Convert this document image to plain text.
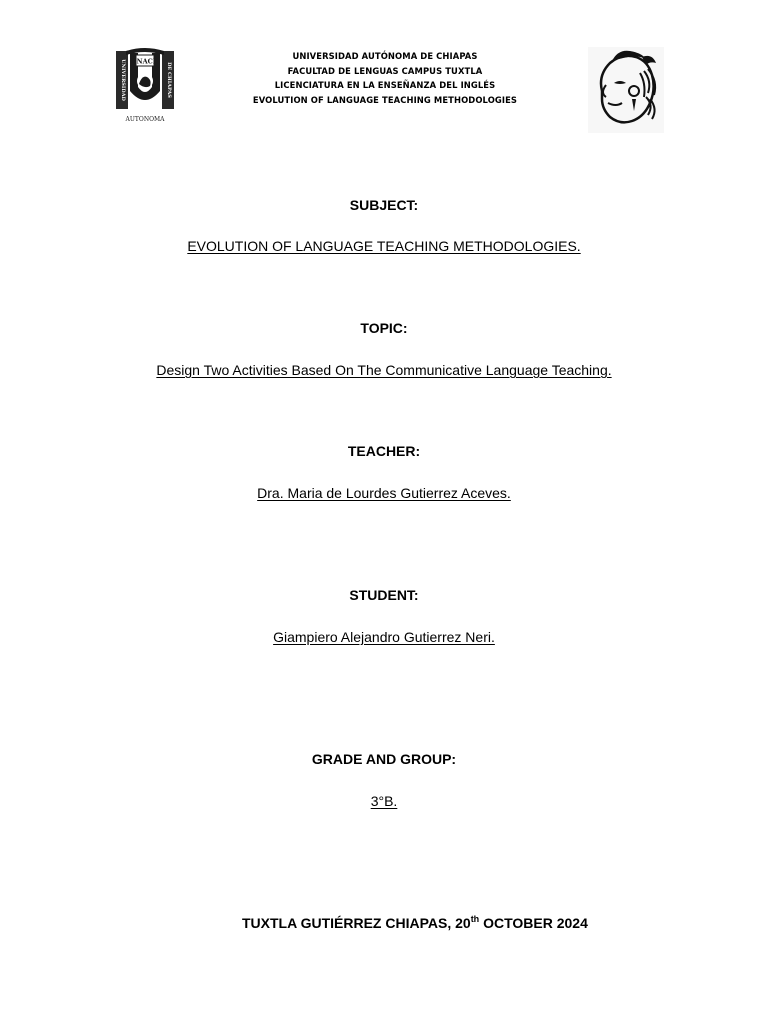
UNACH
UNIVERSIDAD	DE CHIAPAS
AUTONOMA
UNIVERSIDAD AUTÓNOMA DE CHIAPAS
FACULTAD DE LENGUAS CAMPUS TUXTLA
LICENCIATURA EN LA ENSEÑANZA DEL INGLÉS
EVOLUTION OF LANGUAGE TEACHING METHODOLOGIES
SUBJECT:
EVOLUTION OF LANGUAGE TEACHING METHODOLOGIES.
TOPIC:
Design Two Activities Based On The Communicative Language Teaching.
TEACHER:
Dra. Maria de Lourdes Gutierrez Aceves.
STUDENT:
Giampiero Alejandro Gutierrez Neri.
GRADE AND GROUP:
3°B.
TUXTLA GUTIÉRREZ CHIAPAS, 20th OCTOBER 2024
